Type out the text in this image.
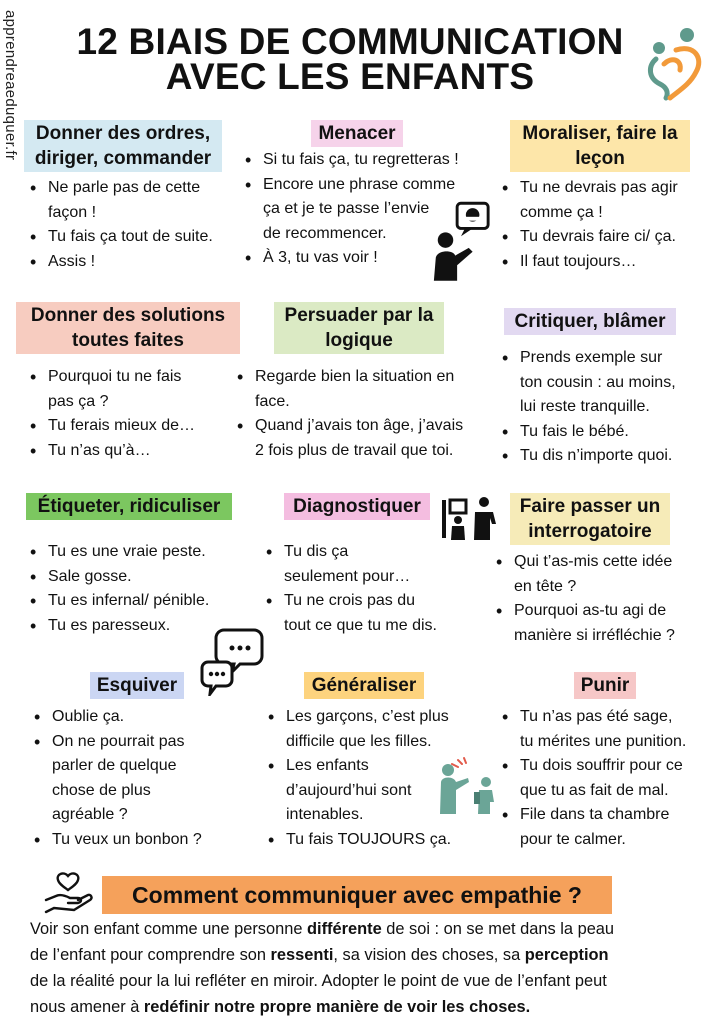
apprendreaeduquer.fr	12 BIAIS DE COMMUNICATION
AVEC LES ENFANTS
Donner des ordres,
diriger, commander
• Ne parle pas de cette
façon !
• Tu fais ça tout de suite.
• Assis !
Menacer
• Si tu fais ça, tu regretteras !
• Encore une phrase comme
ça et je te passe l’envie
de recommencer.
• À 3, tu vas voir !
Moraliser, faire la
leçon
• Tu ne devrais pas agir
comme ça !
• Tu devrais faire ci/ ça.
• Il faut toujours…
Donner des solutions
toutes faites
• Pourquoi tu ne fais
pas ça ?
• Tu ferais mieux de…
• Tu n’as qu’à…
Persuader par la
logique
• Regarde bien la situation en
face.
• Quand j’avais ton âge, j’avais
2 fois plus de travail que toi.
Critiquer, blâmer
• Prends exemple sur
ton cousin : au moins,
lui reste tranquille.
• Tu fais le bébé.
• Tu dis n’importe quoi.
Étiqueter, ridiculiser
• Tu es une vraie peste.
• Sale gosse.
• Tu es infernal/ pénible.
• Tu es paresseux.
Diagnostiquer
• Tu dis ça
seulement pour…
• Tu ne crois pas du
tout ce que tu me dis.
Faire passer un
interrogatoire
• Qui t’as-mis cette idée
en tête ?
• Pourquoi as-tu agi de
manière si irréfléchie ?
Esquiver
• Oublie ça.
• On ne pourrait pas
parler de quelque
chose de plus
agréable ?
• Tu veux un bonbon ?
Généraliser
• Les garçons, c’est plus
difficile que les filles.
• Les enfants
d’aujourd’hui sont
intenables.
• Tu fais TOUJOURS ça.
Punir
• Tu n’as pas été sage,
tu mérites une punition.
• Tu dois souffrir pour ce
que tu as fait de mal.
• File dans ta chambre
pour te calmer.
Comment communiquer avec empathie ?
Voir son enfant comme une personne différente de soi : on se met dans la peau
de l’enfant pour comprendre son ressenti, sa vision des choses, sa perception
de la réalité pour la lui refléter en miroir. Adopter le point de vue de l’enfant peut
nous amener à redéfinir notre propre manière de voir les choses.
